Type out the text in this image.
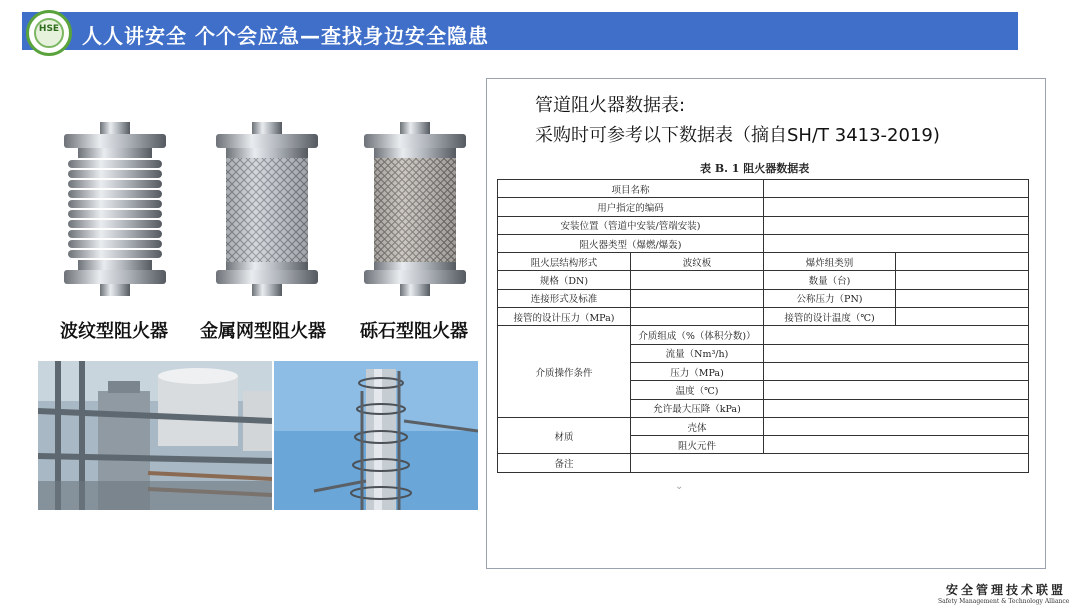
HSE	人人讲安全 个个会应急—查找身边安全隐患
波纹型阻火器 金属网型阻火器 砾石型阻火器
管道阻火器数据表:
采购时可参考以下数据表（摘自SH/T 3413-2019)
表 B. 1 阻火器数据表
项目名称			
用户指定的编码			
安装位置（管道中安装/管端安装)			
阻火器类型（爆燃/爆轰)			
阻火层结构形式	波纹板	爆炸组类别	
规格（DN)		数量（台)	
连接形式及标准		公称压力（PN)	
接管的设计压力（MPa)		接管的设计温度（℃)	
介质操作条件	介质组成（%（体积分数)）		
	流量（Nm³/h)		
	压力（MPa)		
	温度（℃)		
	允许最大压降（kPa)		
材质	壳体		
	阻火元件		
备注			
⌄
安全管理技术联盟
Safety Management & Technology Alliance
